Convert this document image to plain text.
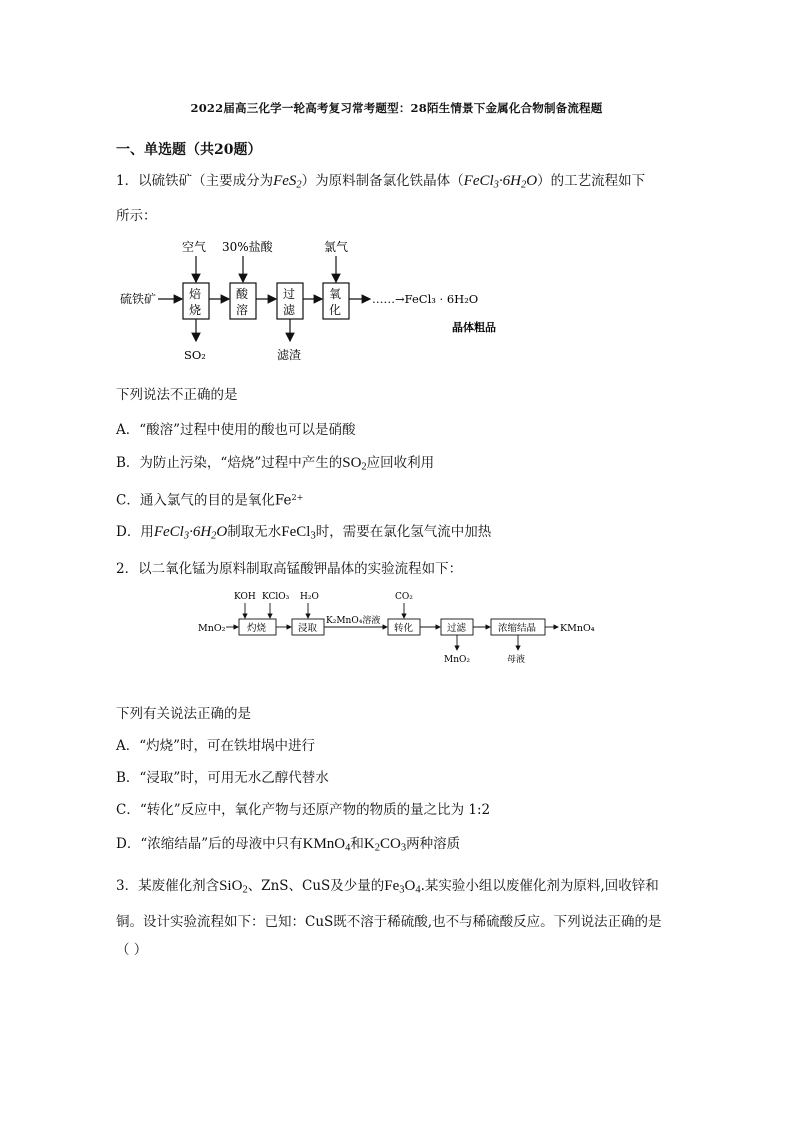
2022届高三化学一轮高考复习常考题型：28陌生情景下金属化合物制备流程题
一、单选题（共20题）
1．以硫铁矿（主要成分为FeS$_2$）为原料制备氯化铁晶体$(FeCl_3\cdot 6H_2O)$的工艺流程如下
所示：
硫铁矿	焙
烧
酸
溶
过
滤
氧
化
……→FeCl₃ · 6H₂O
晶体粗品
空气 30%盐酸	氯气
SO₂	滤渣
下列说法不正确的是
A．“酸溶”过程中使用的酸也可以是硝酸
B．为防止污染，“焙烧”过程中产生的$SO_2$应回收利用
C．通入氯气的目的是氧化$Fe^{2+}$
D．用$FeCl_3\cdot 6H_2O$制取无水FeCl$_3$时，需要在氯化氢气流中加热
2．以二氧化锰为原料制取高锰酸钾晶体的实验流程如下：
MnO₂ 灼烧	浸取
K₂MnO₄溶液
转化	过滤	浓缩结晶	KMnO₄
KOH KClO₃ H₂O	CO₂
MnO₂	母液
下列有关说法正确的是
A．“灼烧”时，可在铁坩埚中进行
B．“浸取”时，可用无水乙醇代替水
C．“转化”反应中，氧化产物与还原产物的物质的量之比为 1:2
D．“浓缩结晶”后的母液中只有KMnO$_4$和$K_2CO_3$两种溶质
3．某废催化剂含SiO$_2$、ZnS、CuS及少量的$Fe_3O_4$.某实验小组以废催化剂为原料,回收锌和
铜。设计实验流程如下：已知：CuS既不溶于稀硫酸,也不与稀硫酸反应。下列说法正确的是
（ ）
